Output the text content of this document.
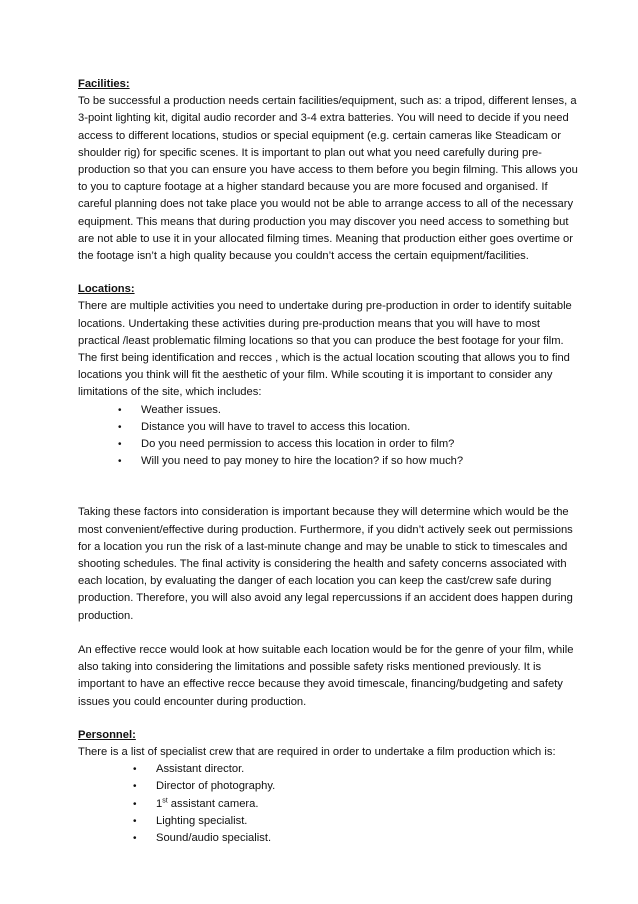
Facilities:

To be successful a production needs certain facilities/equipment, such as: a tripod, different lenses, a 3-point lighting kit, digital audio recorder and 3-4 extra batteries. You will need to decide if you need access to different locations, studios or special equipment (e.g. certain cameras like Steadicam or shoulder rig) for specific scenes. It is important to plan out what you need carefully during pre-production so that you can ensure you have access to them before you begin filming. This allows you to you to capture footage at a higher standard because you are more focused and organised. If careful planning does not take place you would not be able to arrange access to all of the necessary equipment. This means that during production you may discover you need access to something but are not able to use it in your allocated filming times. Meaning that production either goes overtime or the footage isn’t a high quality because you couldn’t access the certain equipment/facilities.

Locations:

There are multiple activities you need to undertake during pre-production in order to identify suitable locations. Undertaking these activities during pre-production means that you will have to most practical /least problematic filming locations so that you can produce the best footage for your film. The first being identification and recces , which is the actual location scouting that allows you to find locations you think will fit the aesthetic of your film. While scouting it is important to consider any limitations of the site, which includes:

• Weather issues.
• Distance you will have to travel to access this location.
• Do you need permission to access this location in order to film?
• Will you need to pay money to hire the location? if so how much?

Taking these factors into consideration is important because they will determine which would be the most convenient/effective during production. Furthermore, if you didn’t actively seek out permissions for a location you run the risk of a last-minute change and may be unable to stick to timescales and shooting schedules. The final activity is considering the health and safety concerns associated with each location, by evaluating the danger of each location you can keep the cast/crew safe during production. Therefore, you will also avoid any legal repercussions if an accident does happen during production.

An effective recce would look at how suitable each location would be for the genre of your film, while also taking into considering the limitations and possible safety risks mentioned previously. It is important to have an effective recce because they avoid timescale, financing/budgeting and safety issues you could encounter during production.

Personnel:

There is a list of specialist crew that are required in order to undertake a film production which is:

• Assistant director.
• Director of photography.
• 1st assistant camera.
• Lighting specialist.
• Sound/audio specialist.
